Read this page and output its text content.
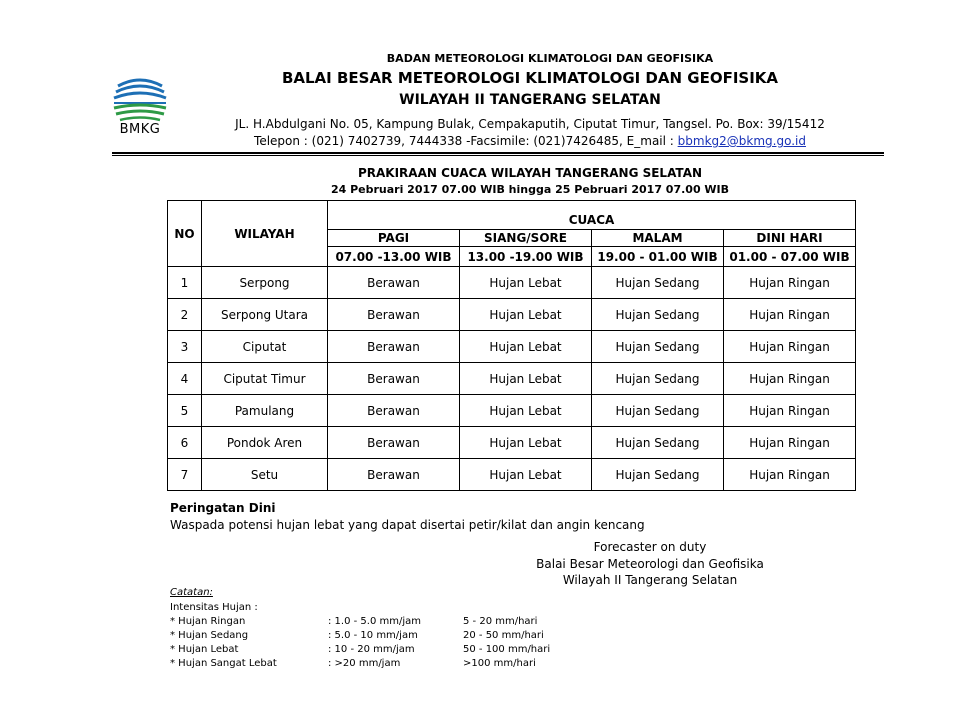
BMKG
BADAN METEOROLOGI KLIMATOLOGI DAN GEOFISIKA
BALAI BESAR METEOROLOGI KLIMATOLOGI DAN GEOFISIKA
WILAYAH II TANGERANG SELATAN
JL. H.Abdulgani No. 05, Kampung Bulak, Cempakaputih, Ciputat Timur, Tangsel. Po. Box: 39/15412
Telepon : (021) 7402739, 7444338 -Facsimile: (021)7426485, E_mail : bbmkg2@bkmg.go.id
PRAKIRAAN CUACA WILAYAH TANGERANG SELATAN
24 Pebruari 2017 07.00 WIB hingga 25 Pebruari 2017 07.00 WIB
NO	WILAYAH	CUACA			
		PAGI	SIANG/SORE	MALAM	DINI HARI
		07.00 -13.00 WIB	13.00 -19.00 WIB	19.00 - 01.00 WIB	01.00 - 07.00 WIB
1	Serpong	Berawan	Hujan Lebat	Hujan Sedang	Hujan Ringan
2	Serpong Utara	Berawan	Hujan Lebat	Hujan Sedang	Hujan Ringan
3	Ciputat	Berawan	Hujan Lebat	Hujan Sedang	Hujan Ringan
4	Ciputat Timur	Berawan	Hujan Lebat	Hujan Sedang	Hujan Ringan
5	Pamulang	Berawan	Hujan Lebat	Hujan Sedang	Hujan Ringan
6	Pondok Aren	Berawan	Hujan Lebat	Hujan Sedang	Hujan Ringan
7	Setu	Berawan	Hujan Lebat	Hujan Sedang	Hujan Ringan
Peringatan Dini
Waspada potensi hujan lebat yang dapat disertai petir/kilat dan angin kencang
Forecaster on duty
Balai Besar Meteorologi dan Geofisika
Wilayah II Tangerang Selatan
Catatan:
Intensitas Hujan :
* Hujan Ringan	: 1.0 - 5.0 mm/jam	5 - 20 mm/hari
* Hujan Sedang	: 5.0 - 10 mm/jam	20 - 50 mm/hari
* Hujan Lebat	: 10 - 20 mm/jam	50 - 100 mm/hari
* Hujan Sangat Lebat	: >20 mm/jam	>100 mm/hari
